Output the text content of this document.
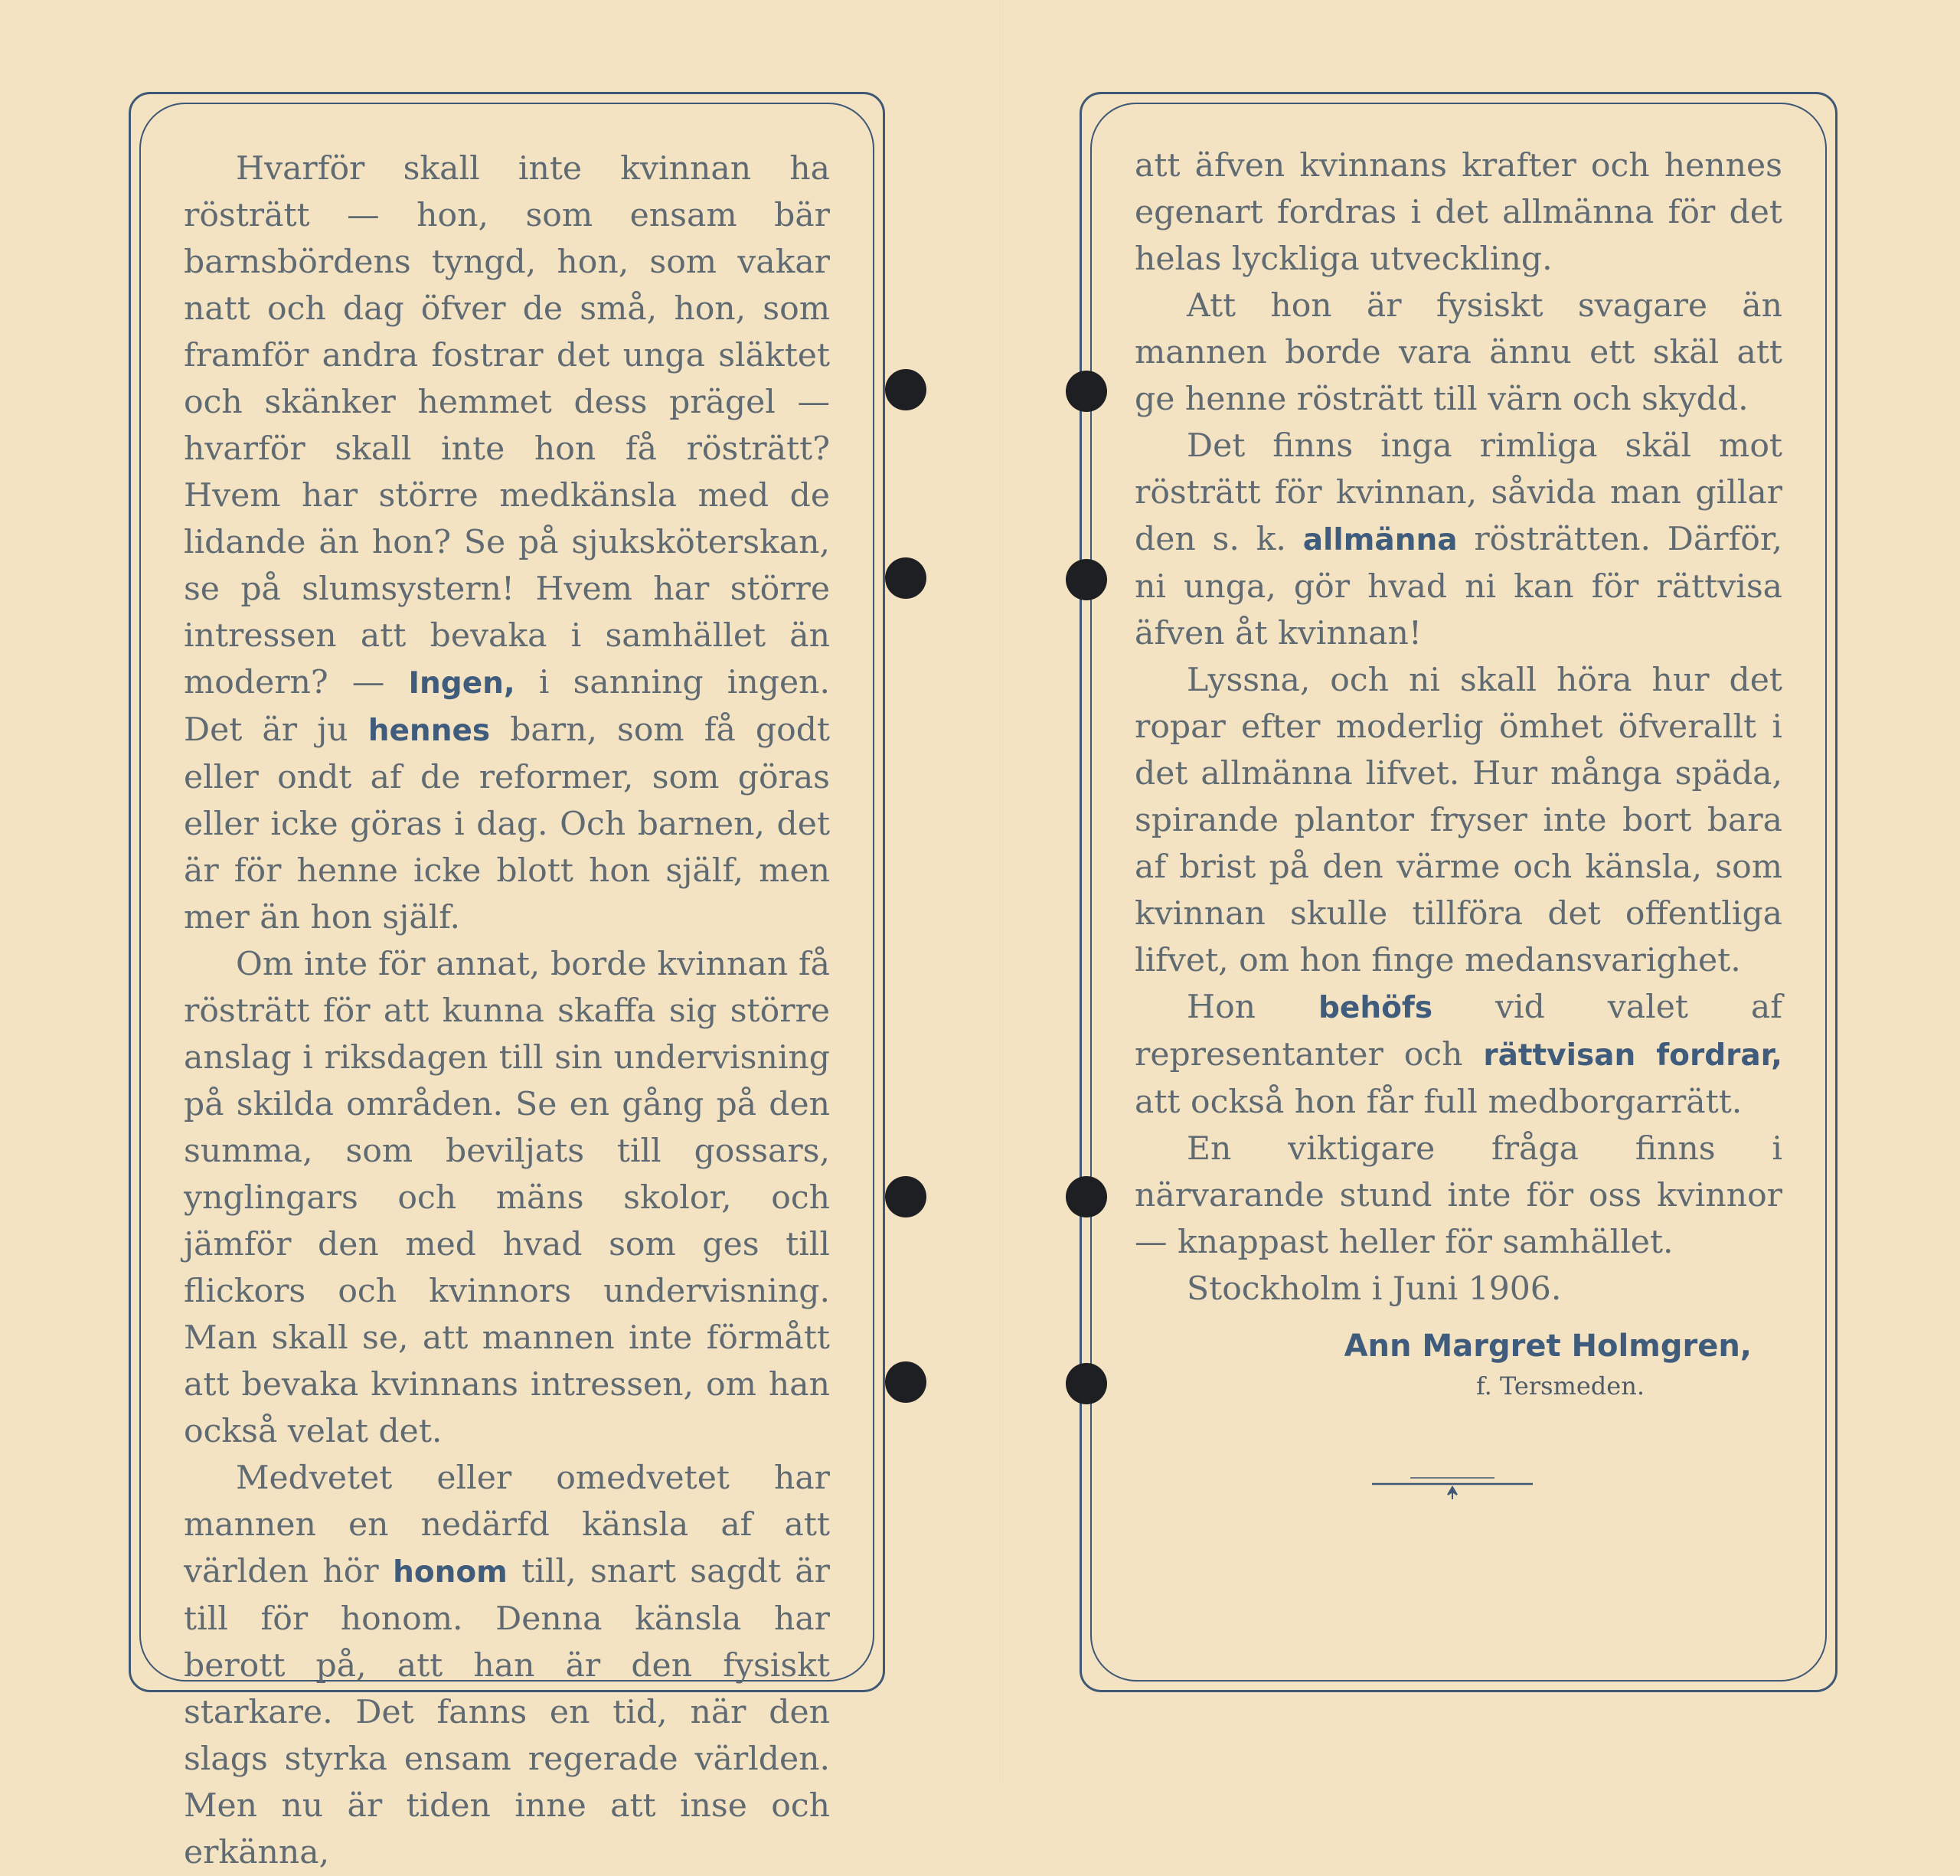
Hvarför skall inte kvinnan ha rösträtt — hon, som ensam bär barnsbördens tyngd, hon, som vakar natt och dag öfver de små, hon, som framför andra fostrar det unga släktet och skänker hemmet dess prägel — hvarför skall inte hon få rösträtt? Hvem har större medkänsla med de lidande än hon? Se på sjuksköterskan, se på slumsystern! Hvem har större intressen att bevaka i samhället än modern? — Ingen, i sanning ingen. Det är ju hennes barn, som få godt eller ondt af de reformer, som göras eller icke göras i dag. Och barnen, det är för henne icke blott hon själf, men mer än hon själf.

Om inte för annat, borde kvinnan få rösträtt för att kunna skaffa sig större anslag i riksdagen till sin undervisning på skilda områden. Se en gång på den summa, som beviljats till gossars, ynglingars och mäns skolor, och jämför den med hvad som ges till flickors och kvinnors undervisning. Man skall se, att mannen inte förmått att bevaka kvinnans intressen, om han också velat det.

Medvetet eller omedvetet har mannen en nedärfd känsla af att världen hör honom till, snart sagdt är till för honom. Denna känsla har berott på, att han är den fysiskt starkare. Det fanns en tid, när den slags styrka ensam regerade världen. Men nu är tiden inne att inse och erkänna,

att äfven kvinnans krafter och hennes egenart fordras i det allmänna för det helas lyckliga utveckling.

Att hon är fysiskt svagare än mannen borde vara ännu ett skäl att ge henne rösträtt till värn och skydd.

Det finns inga rimliga skäl mot rösträtt för kvinnan, såvida man gillar den s. k. allmänna rösträtten. Därför, ni unga, gör hvad ni kan för rättvisa äfven åt kvinnan!

Lyssna, och ni skall höra hur det ropar efter moderlig ömhet öfverallt i det allmänna lifvet. Hur många späda, spirande plantor fryser inte bort bara af brist på den värme och känsla, som kvinnan skulle tillföra det offentliga lifvet, om hon finge medansvarighet.

Hon behöfs vid valet af representanter och rättvisan fordrar, att också hon får full medborgarrätt.

En viktigare fråga finns i närvarande stund inte för oss kvinnor — knappast heller för samhället.

Stockholm i Juni 1906.

Ann Margret Holmgren,
f. Tersmeden.
